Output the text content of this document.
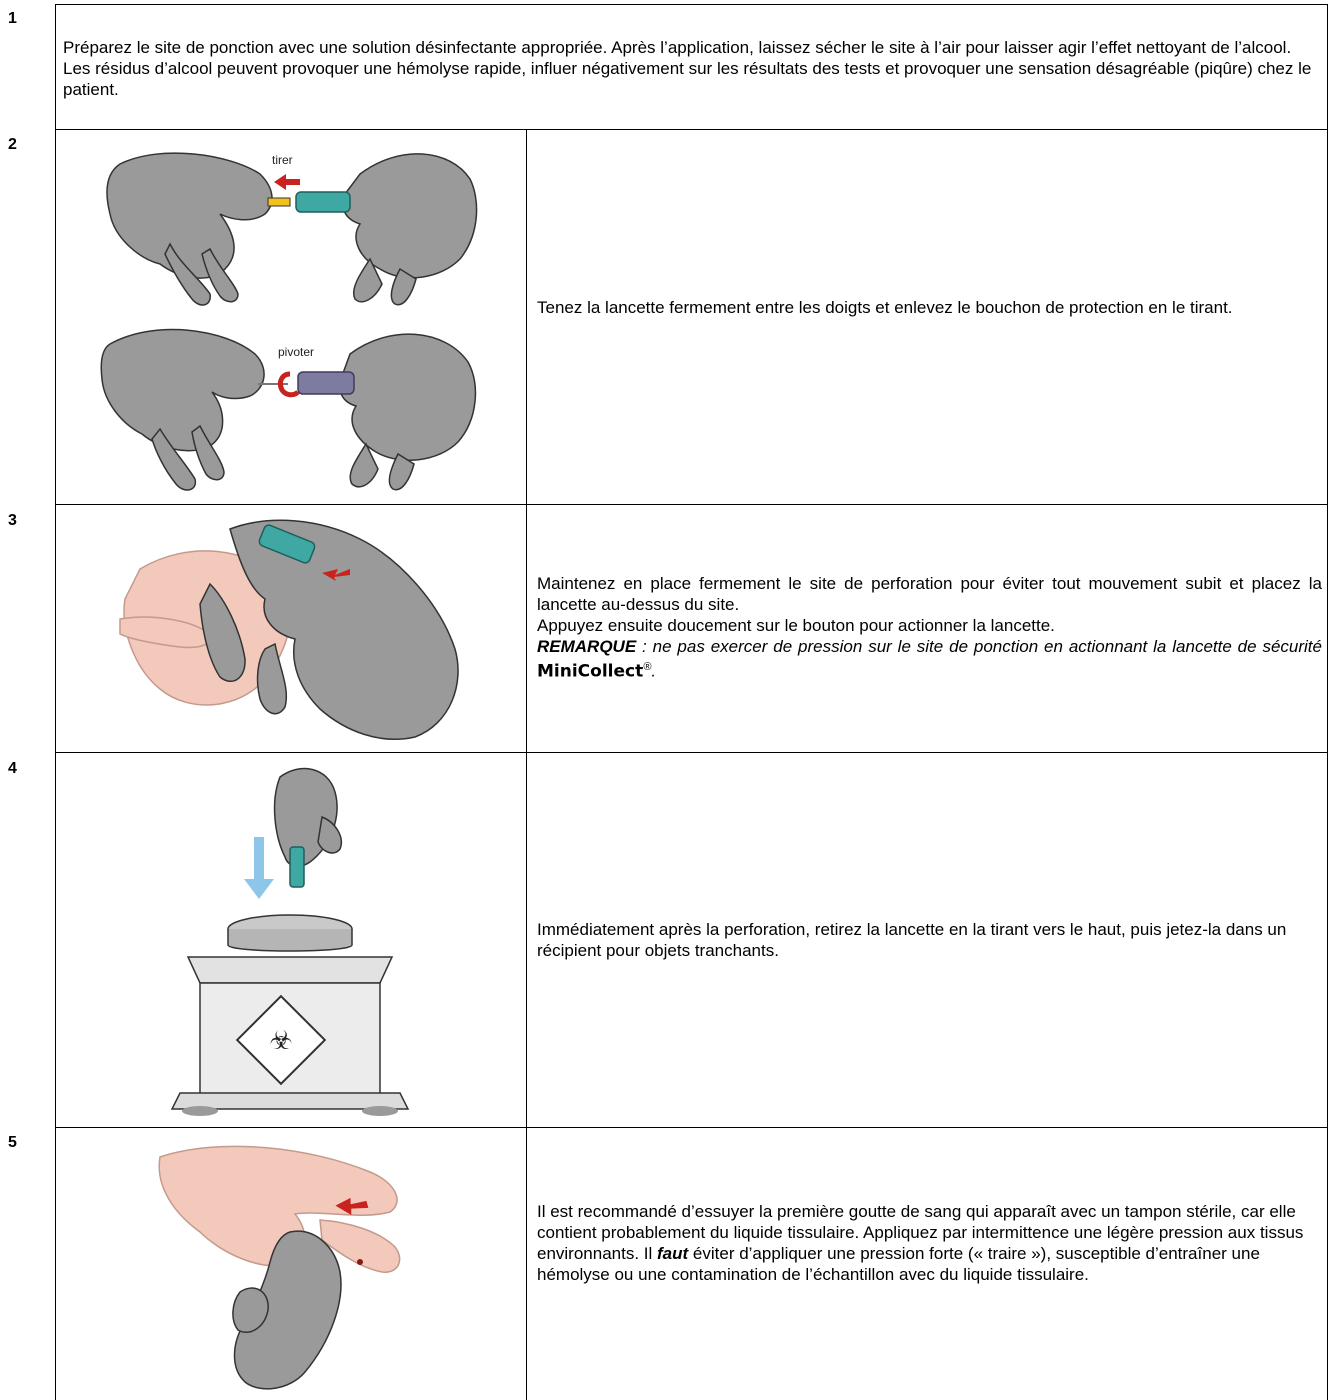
1
2
3
4
5
Préparez le site de ponction avec une solution désinfectante appropriée. Après l’application, laissez sécher le site à l’air pour laisser agir l’effet nettoyant de l’alcool. Les résidus d’alcool peuvent provoquer une hémolyse rapide, influer négativement sur les résultats des tests et provoquer une sensation désagréable (piqûre) chez le patient.
tirer
pivoter
Tenez la lancette fermement entre les doigts et enlevez le bouchon de protection en le tirant.
Maintenez en place fermement le site de perforation pour éviter tout mouvement subit et placez la lancette au-dessus du site.
Appuyez ensuite doucement sur le bouton pour actionner la lancette.
REMARQUE : ne pas exercer de pression sur le site de ponction en actionnant la lancette de sécurité MiniCollect®.
☣
Immédiatement après la perforation, retirez la lancette en la tirant vers le haut, puis jetez-la dans un récipient pour objets tranchants.
Il est recommandé d’essuyer la première goutte de sang qui apparaît avec un tampon stérile, car elle contient probablement du liquide tissulaire. Appliquez par intermittence une légère pression aux tissus environnants. Il faut éviter d’appliquer une pression forte (« traire »), susceptible d’entraîner une hémolyse ou une contamination de l’échantillon avec du liquide tissulaire.
